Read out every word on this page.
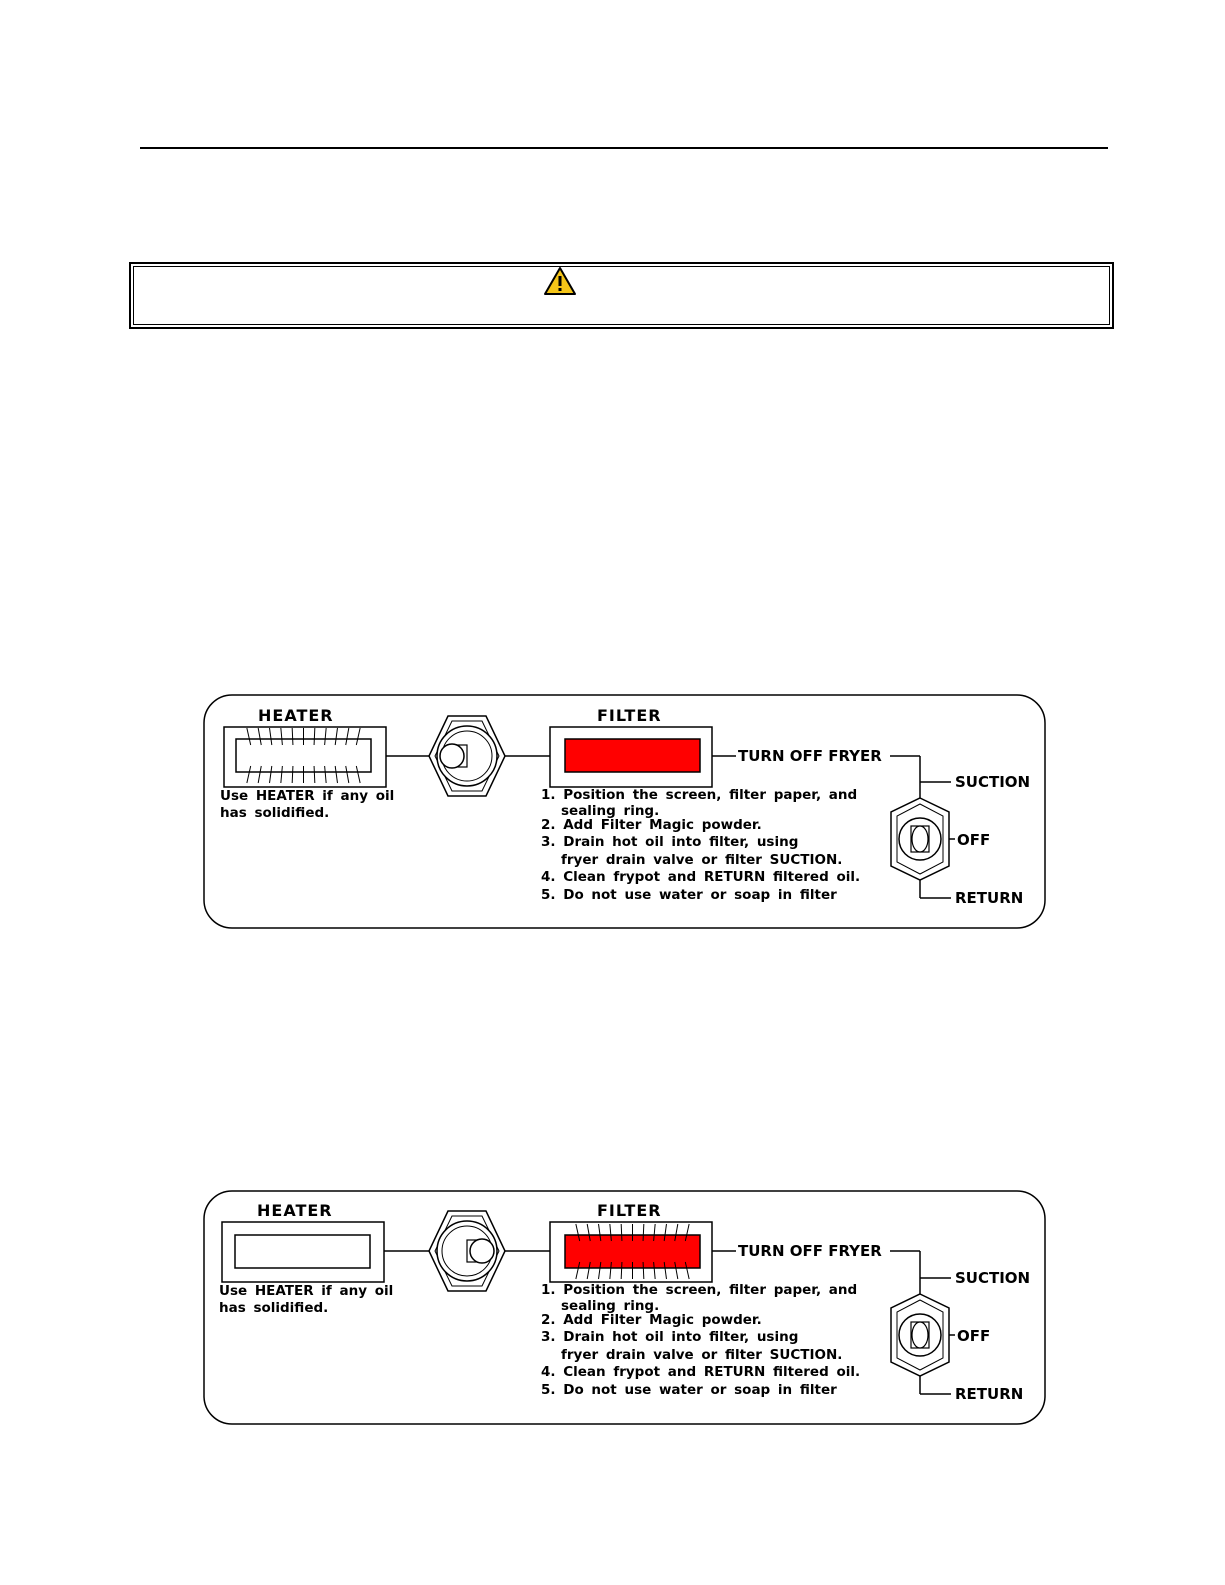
HEATER	FILTER
Use HEATER if any oil
has solidified.
TURN OFF FRYER
SUCTION
OFF
RETURN
1. Position the screen, filter paper, and
sealing ring.
2. Add Filter Magic powder.
3. Drain hot oil into filter, using
fryer drain valve or filter SUCTION.
4. Clean frypot and RETURN filtered oil.
5. Do not use water or soap in filter
HEATER	FILTER
Use HEATER if any oil
has solidified.
TURN OFF FRYER
SUCTION
OFF
RETURN
1. Position the screen, filter paper, and
sealing ring.
2. Add Filter Magic powder.
3. Drain hot oil into filter, using
fryer drain valve or filter SUCTION.
4. Clean frypot and RETURN filtered oil.
5. Do not use water or soap in filter
